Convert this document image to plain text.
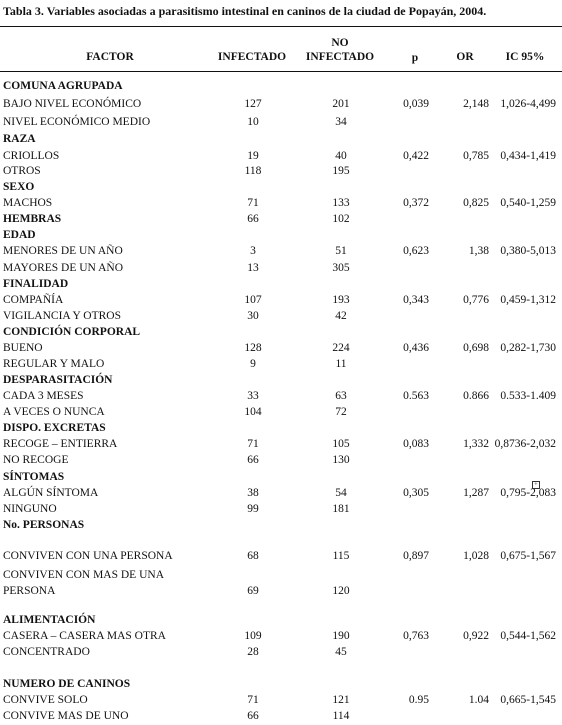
Tabla 3. Variables asociadas a parasitismo intestinal en caninos de la ciudad de Popayán, 2004.
FACTOR	INFECTADO
NO
INFECTADO	p	OR	IC 95%
COMUNA AGRUPADA
BAJO NIVEL ECONÓMICO	127	201	0,039	2,148 1,026-4,499
NIVEL ECONÓMICO MEDIO	10	34
RAZA
CRIOLLOS	19	40	0,422	0,785 0,434-1,419
OTROS	118	195
SEXO
MACHOS	71	133	0,372	0,825 0,540-1,259
HEMBRAS	66	102
EDAD
MENORES DE UN AÑO	3	51	0,623	1,38 0,380-5,013
MAYORES DE UN AÑO	13	305
FINALIDAD
COMPAÑÍA	107	193	0,343	0,776 0,459-1,312
VIGILANCIA Y OTROS	30	42
CONDICIÓN CORPORAL
BUENO	128	224	0,436	0,698 0,282-1,730
REGULAR Y MALO	9	11
DESPARASITACIÓN
CADA 3 MESES	33	63	0.563	0.866 0.533-1.409
A VECES O NUNCA	104	72
DISPO. EXCRETAS
RECOGE – ENTIERRA	71	105	0,083	1,332 0,8736-2,032
NO RECOGE	66	130
SÍNTOMAS
ALGÚN SÍNTOMA	38	54	0,305	1,287 0,795-2,083
NINGUNO	99	181
No. PERSONAS
CONVIVEN CON UNA PERSONA	68	115	0,897	1,028 0,675-1,567
CONVIVEN CON MAS DE UNA
PERSONA	69	120
ALIMENTACIÓN
CASERA – CASERA MAS OTRA	109	190	0,763	0,922 0,544-1,562
CONCENTRADO	28	45
NUMERO DE CANINOS
CONVIVE SOLO	71	121	0.95	1.04 0,665-1,545
CONVIVE MAS DE UNO	66	114
+
